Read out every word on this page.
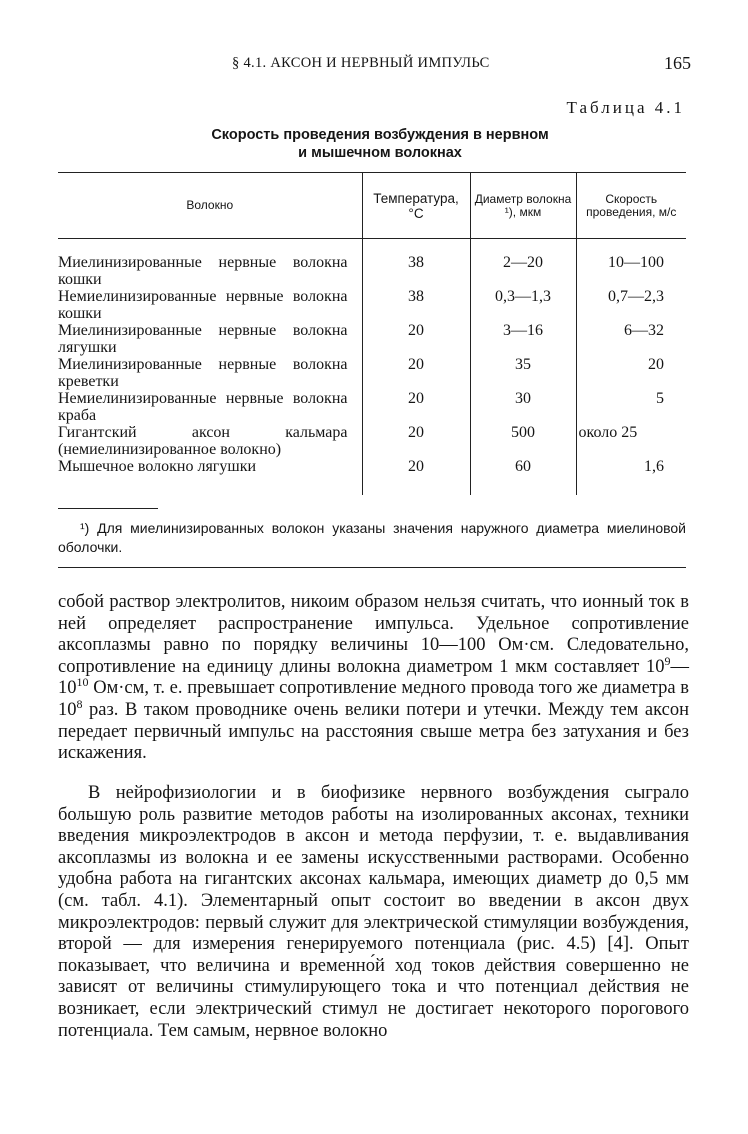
§ 4.1. АКСОН И НЕРВНЫЙ ИМПУЛЬС	165
Таблица 4.1
Скорость проведения возбуждения в нервном
и мышечном волокнах
Волокно	Температура, °С	Диаметр волокна ¹), мкм	Скорость проведения, м/с
Миелинизированные нервные волокна кошки	38	2—20	10—100
Немиелинизированные нервные волокна кошки	38	0,3—1,3	0,7—2,3
Миелинизированные нервные волокна лягушки	20	3—16	6—32
Миелинизированные нервные волокна креветки	20	35	20
Немиелинизированные нервные волокна краба	20	30	5
Гигантский аксон кальмара (немиелинизированное волокно)	20	500	около 25
Мышечное волокно лягушки	20	60	1,6
¹) Для миелинизированных волокон указаны значения наружного диаметра миелиновой оболочки.

собой раствор электролитов, никоим образом нельзя считать, что ионный ток в ней определяет распространение импульса. Удельное сопротивление аксоплазмы равно по порядку величины 10—100 Ом·см. Следовательно, сопротивление на единицу длины волокна диаметром 1 мкм составляет $10^9—10^{10}$ Ом·см, т. е. превышает сопротивление медного провода того же диаметра в $10^8$ раз. В таком проводнике очень велики потери и утечки. Между тем аксон передает первичный импульс на расстояния свыше метра без затухания и без искажения.

В нейрофизиологии и в биофизике нервного возбуждения сыграло большую роль развитие методов работы на изолированных аксонах, техники введения микроэлектродов в аксон и метода перфузии, т. е. выдавливания аксоплазмы из волокна и ее замены искусственными растворами. Особенно удобна работа на гигантских аксонах кальмара, имеющих диаметр до 0,5 мм (см. табл. 4.1). Элементарный опыт состоит во введении в аксон двух микроэлектродов: первый служит для электрической стимуляции возбуждения, второй — для измерения генерируемого потенциала (рис. 4.5) [4]. Опыт показывает, что величина и временно́й ход токов действия совершенно не зависят от величины стимулирующего тока и что потенциал действия не возникает, если электрический стимул не достигает некоторого порогового потенциала. Тем самым, нервное волокно
